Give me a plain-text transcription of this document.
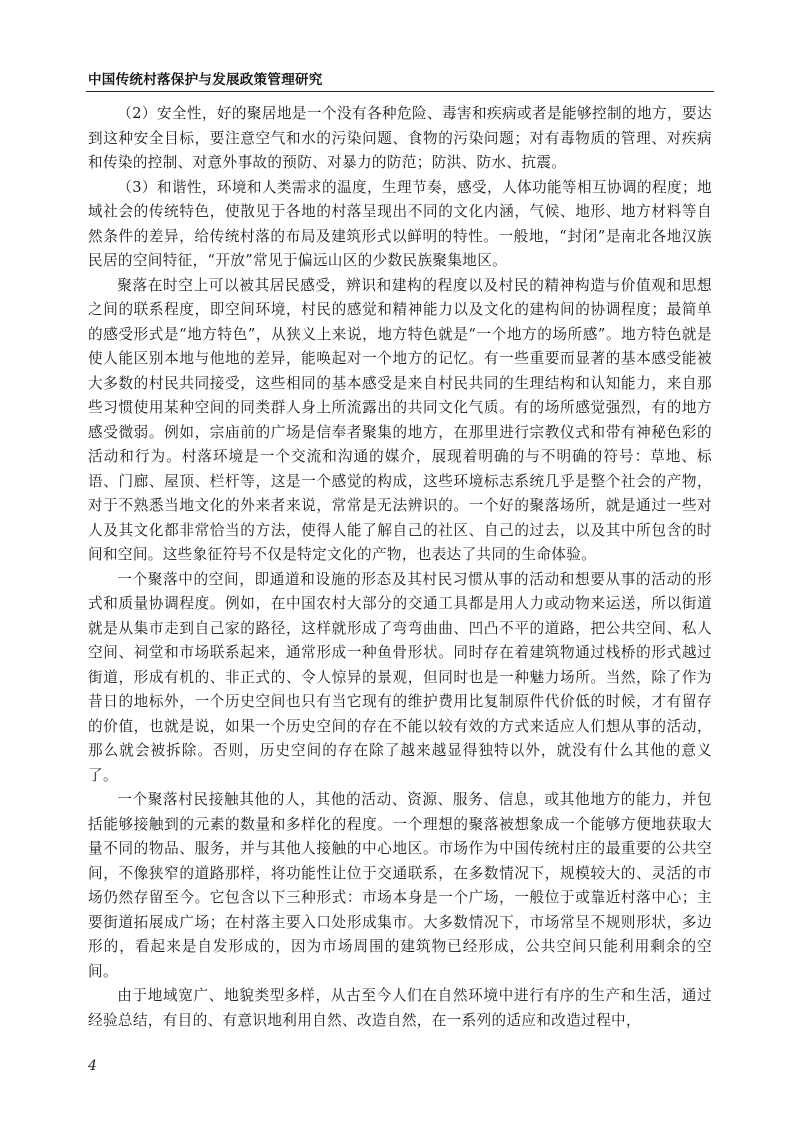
中国传统村落保护与发展政策管理研究

（2）安全性，好的聚居地是一个没有各种危险、毒害和疾病或者是能够控制的地方，要达到这种安全目标，要注意空气和水的污染问题、食物的污染问题；对有毒物质的管理、对疾病和传染的控制、对意外事故的预防、对暴力的防范；防洪、防水、抗震。

（3）和谐性，环境和人类需求的温度，生理节奏，感受，人体功能等相互协调的程度；地域社会的传统特色，使散见于各地的村落呈现出不同的文化内涵，气候、地形、地方材料等自然条件的差异，给传统村落的布局及建筑形式以鲜明的特性。一般地，“封闭”是南北各地汉族民居的空间特征，“开放”常见于偏远山区的少数民族聚集地区。

聚落在时空上可以被其居民感受，辨识和建构的程度以及村民的精神构造与价值观和思想之间的联系程度，即空间环境，村民的感觉和精神能力以及文化的建构间的协调程度；最简单的感受形式是“地方特色”，从狭义上来说，地方特色就是“一个地方的场所感”。地方特色就是使人能区别本地与他地的差异，能唤起对一个地方的记忆。有一些重要而显著的基本感受能被大多数的村民共同接受，这些相同的基本感受是来自村民共同的生理结构和认知能力，来自那些习惯使用某种空间的同类群人身上所流露出的共同文化气质。有的场所感觉强烈，有的地方感受微弱。例如，宗庙前的广场是信奉者聚集的地方，在那里进行宗教仪式和带有神秘色彩的活动和行为。村落环境是一个交流和沟通的媒介，展现着明确的与不明确的符号：草地、标语、门廊、屋顶、栏杆等，这是一个感觉的构成，这些环境标志系统几乎是整个社会的产物，对于不熟悉当地文化的外来者来说，常常是无法辨识的。一个好的聚落场所，就是通过一些对人及其文化都非常恰当的方法，使得人能了解自己的社区、自己的过去，以及其中所包含的时间和空间。这些象征符号不仅是特定文化的产物，也表达了共同的生命体验。

一个聚落中的空间，即通道和设施的形态及其村民习惯从事的活动和想要从事的活动的形式和质量协调程度。例如，在中国农村大部分的交通工具都是用人力或动物来运送，所以街道就是从集市走到自己家的路径，这样就形成了弯弯曲曲、凹凸不平的道路，把公共空间、私人空间、祠堂和市场联系起来，通常形成一种鱼骨形状。同时存在着建筑物通过栈桥的形式越过街道，形成有机的、非正式的、令人惊异的景观，但同时也是一种魅力场所。当然，除了作为昔日的地标外，一个历史空间也只有当它现有的维护费用比复制原件代价低的时候，才有留存的价值，也就是说，如果一个历史空间的存在不能以较有效的方式来适应人们想从事的活动，那么就会被拆除。否则，历史空间的存在除了越来越显得独特以外，就没有什么其他的意义了。

一个聚落村民接触其他的人，其他的活动、资源、服务、信息，或其他地方的能力，并包括能够接触到的元素的数量和多样化的程度。一个理想的聚落被想象成一个能够方便地获取大量不同的物品、服务，并与其他人接触的中心地区。市场作为中国传统村庄的最重要的公共空间，不像狭窄的道路那样，将功能性让位于交通联系，在多数情况下，规模较大的、灵活的市场仍然存留至今。它包含以下三种形式：市场本身是一个广场，一般位于或靠近村落中心；主要街道拓展成广场；在村落主要入口处形成集市。大多数情况下，市场常呈不规则形状，多边形的，看起来是自发形成的，因为市场周围的建筑物已经形成，公共空间只能利用剩余的空间。

由于地域宽广、地貌类型多样，从古至今人们在自然环境中进行有序的生产和生活，通过经验总结，有目的、有意识地利用自然、改造自然，在一系列的适应和改造过程中，

4
